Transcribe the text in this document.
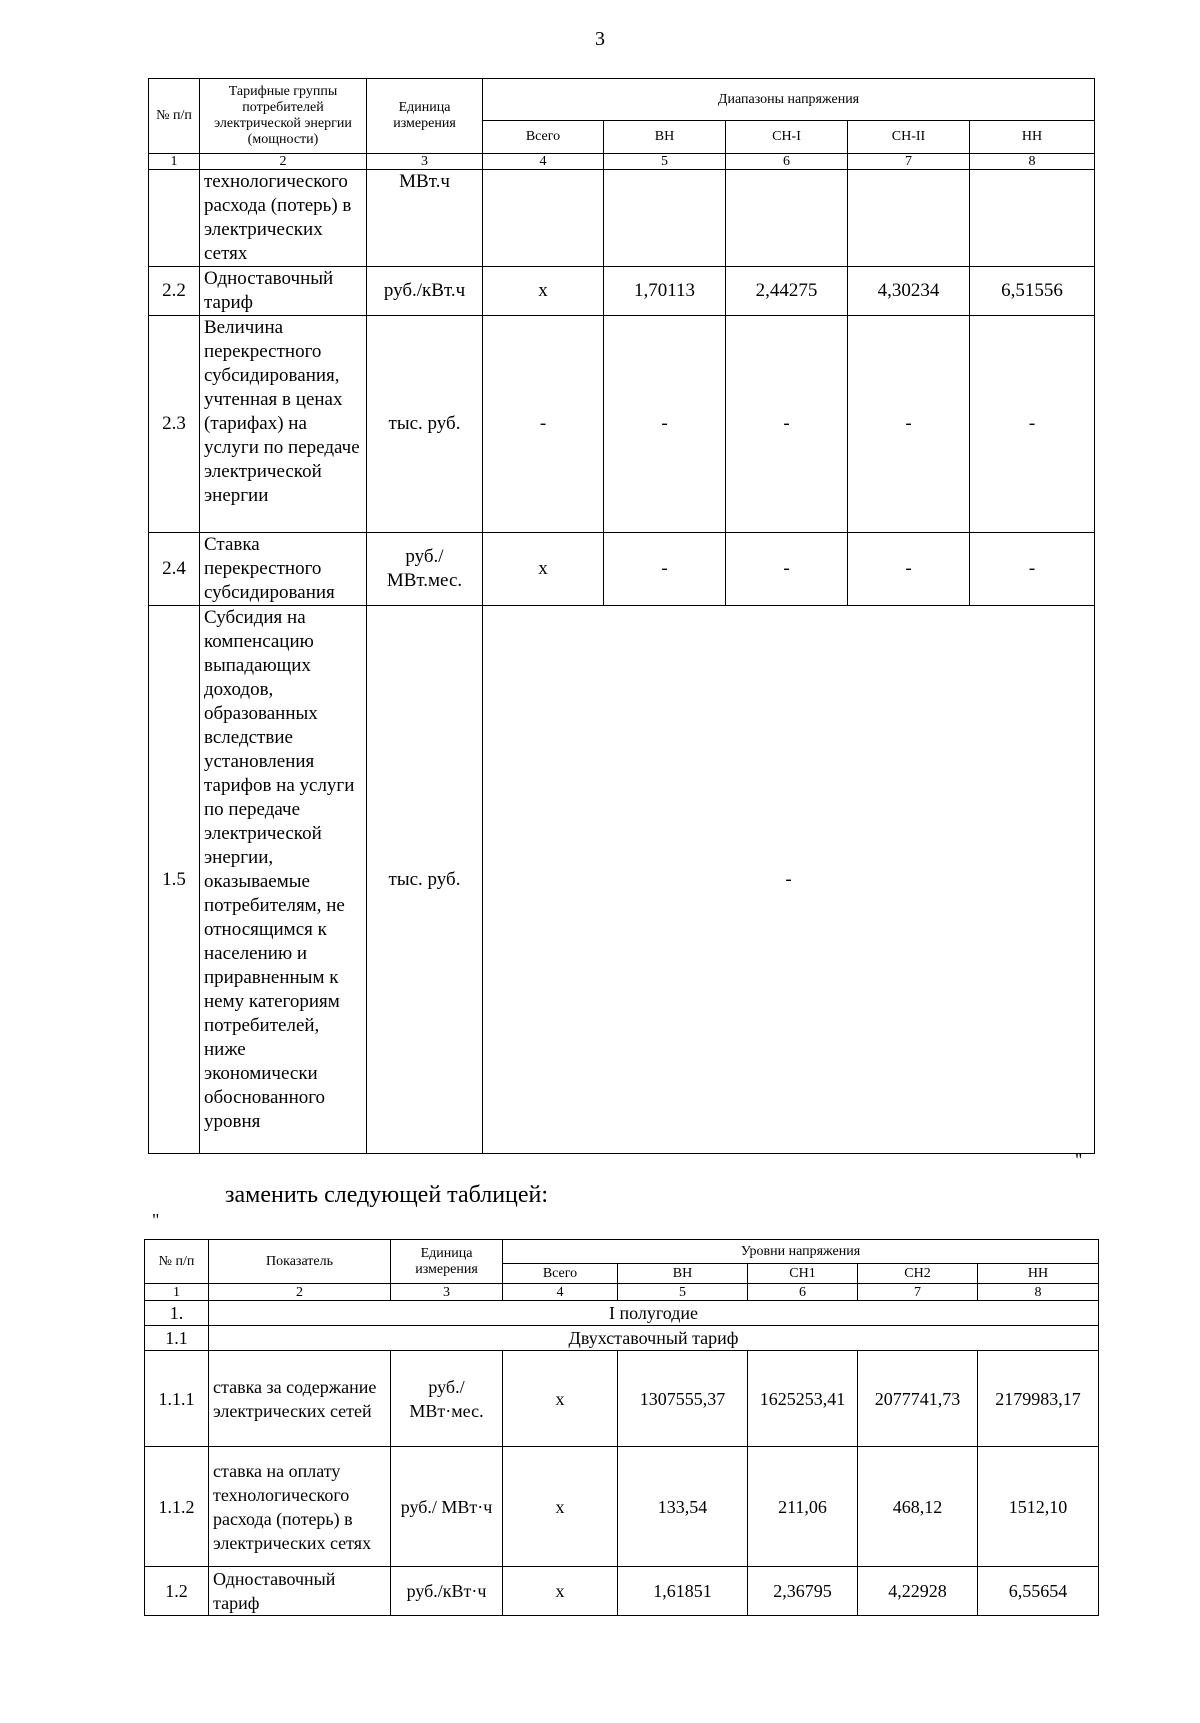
3
№ п/п	Тарифные группы потребителей электрической энергии (мощности)	Единица измерения	Диапазоны напряжения				
			Всего	ВН	СН-I	СН-II	НН
1	2	3	4	5	6	7	8
	технологического расхода (потерь) в электрических сетях	МВт.ч					
2.2	Одноставочный тариф	руб./кВт.ч	х	1,70113	2,44275	4,30234	6,51556
2.3	Величина перекрестного субсидирования, учтенная в ценах (тарифах) на услуги по передаче электрической энергии	тыс. руб.	-	-	-	-	-
2.4	Ставка перекрестного субсидирования	руб./ МВт.мес.	х	-	-	-	-
1.5	Субсидия на компенсацию выпадающих доходов, образованных вследствие установления тарифов на услуги по передаче электрической энергии, оказываемые потребителям, не относящимся к населению и приравненным к нему категориям потребителей, ниже экономически обоснованного уровня	тыс. руб.	-				
"
заменить следующей таблицей:
"
№ п/п	Показатель	Единица измерения	Уровни напряжения				
			Всего	ВН	СН1	СН2	НН
1	2	3	4	5	6	7	8
1.	I полугодие						
1.1	Двухставочный тариф						
1.1.1	ставка за содержание электрических сетей	руб./ МВт·мес.	х	1307555,37	1625253,41	2077741,73	2179983,17
1.1.2	ставка на оплату технологического расхода (потерь) в электрических сетях	руб./ МВт·ч	х	133,54	211,06	468,12	1512,10
1.2	Одноставочный тариф	руб./кВт·ч	х	1,61851	2,36795	4,22928	6,55654
